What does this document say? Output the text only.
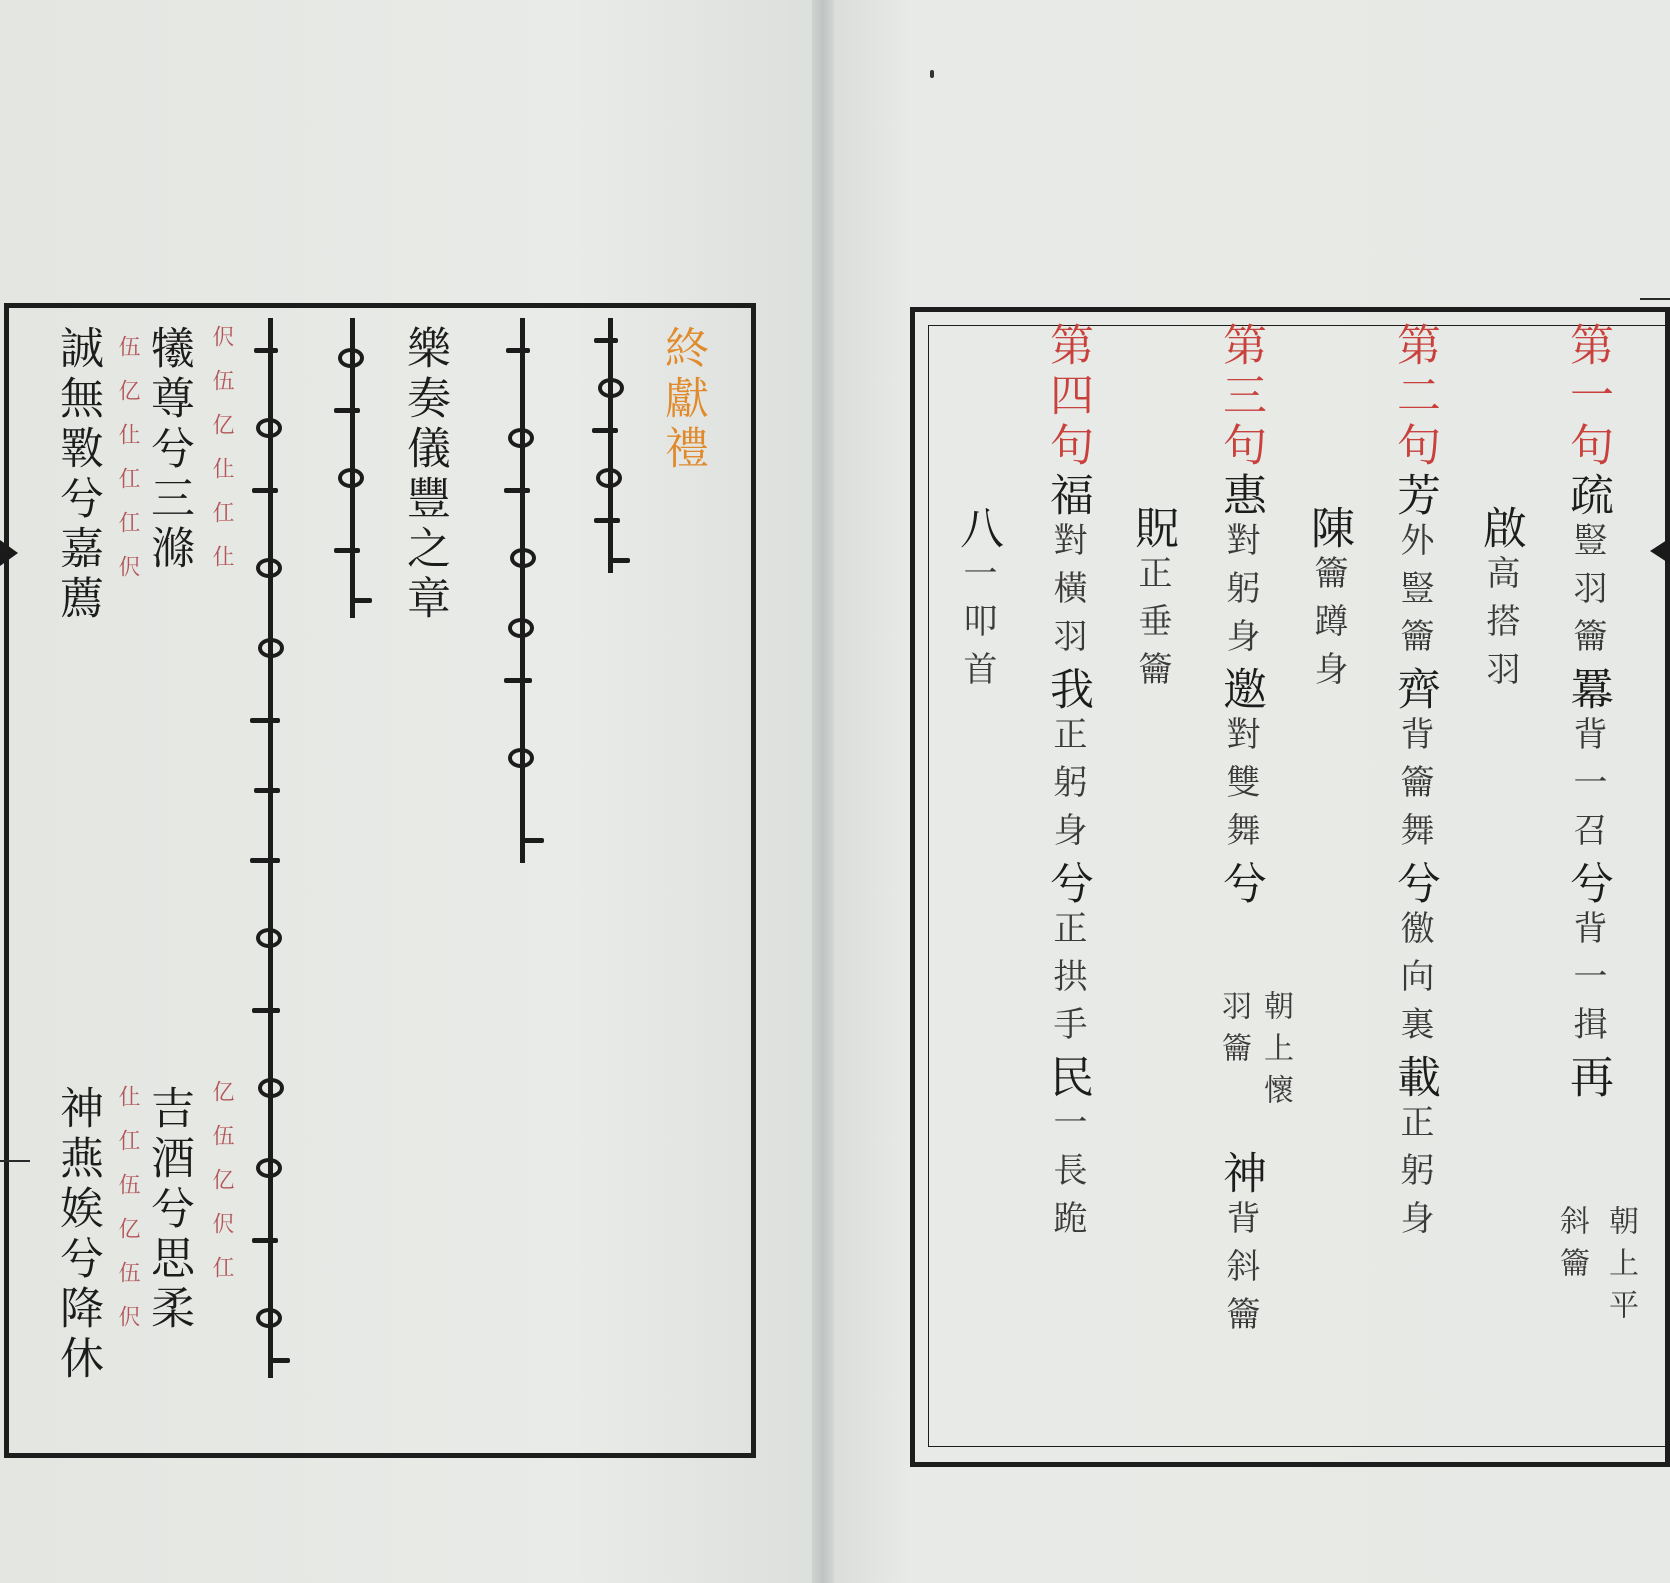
終獻禮
樂奏儀豐之章
犧尊兮三滌
誠無斁兮嘉薦
吉酒兮思柔
神燕娭兮降休
伬伍亿仩仜仩
伍亿仩仜仜伬
亿伍亿伬仜
仩仜伍亿伍伬
第一句疏豎羽籥羃背一召兮背一揖再
斜籥 朝上平
啟高搭羽
第二句芳外豎籥齊背籥舞兮徼向裏載正躬身
陳籥蹲身
第三句惠對躬身邀對雙舞兮
羽籥 朝上懷
神背斜籥
貺正垂籥
第四句福對橫羽我正躬身兮正拱手民一長跪
八一叩首
